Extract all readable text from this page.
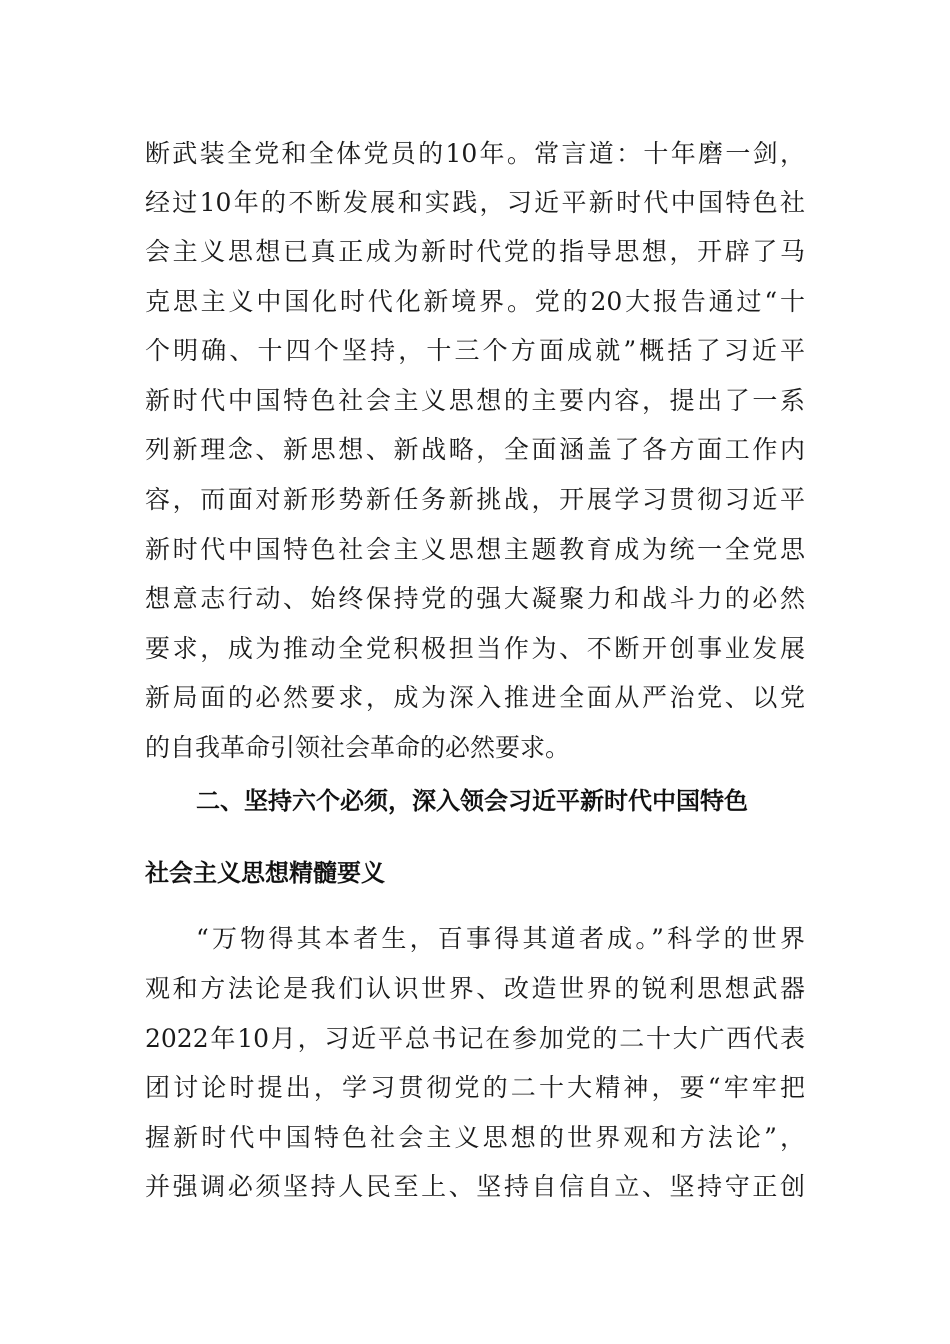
断武装全党和全体党员的10年。常言道：十年磨一剑，
经过10年的不断发展和实践，习近平新时代中国特色社
会主义思想已真正成为新时代党的指导思想，开辟了马
克思主义中国化时代化新境界。党的20大报告通过“十
个明确、十四个坚持，十三个方面成就”概括了习近平
新时代中国特色社会主义思想的主要内容，提出了一系
列新理念、新思想、新战略，全面涵盖了各方面工作内
容，而面对新形势新任务新挑战，开展学习贯彻习近平
新时代中国特色社会主义思想主题教育成为统一全党思
想意志行动、始终保持党的强大凝聚力和战斗力的必然
要求，成为推动全党积极担当作为、不断开创事业发展
新局面的必然要求，成为深入推进全面从严治党、以党
的自我革命引领社会革命的必然要求。
二、坚持六个必须，深入领会习近平新时代中国特色
社会主义思想精髓要义
“万物得其本者生，百事得其道者成。”科学的世界
观和方法论是我们认识世界、改造世界的锐利思想武器
2022年10月，习近平总书记在参加党的二十大广西代表
团讨论时提出，学习贯彻党的二十大精神，要“牢牢把
握新时代中国特色社会主义思想的世界观和方法论”，
并强调必须坚持人民至上、坚持自信自立、坚持守正创
